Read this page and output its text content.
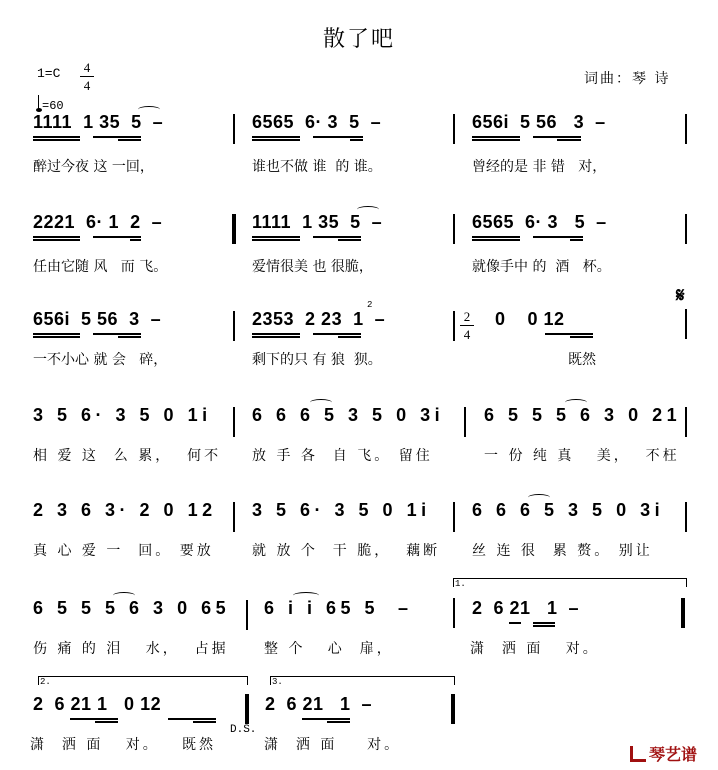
散了吧
1=C 4
4
=60
词曲：琴 诗
1111  1 35  5  –	6565  6· 3  5  –	656i  5 56   3  –
醉过今夜 这 一回，	谁也不做 谁  的 谁。	曾经的是 非 错   对，
2221  6· 1  2  –	1111  1 35  5  –	6565  6· 3   5  –
任由它随 风   而 飞。	爱情很美 也 很脆，	就像手中 的  酒   杯。
656i  5 56  3  –	2353  2 23  1  –
2
2
4
0    0 12
𝄋
一不小心 就 会   碎，	剩下的只 有 狼  狈。	既然
3 5 6· 3 5 0 1i 6 6 6 5 3 5 0 3i 6 5 5 5 6 3 0 21
相 爱 这  么 累，  何不 放 手 各  自 飞。 留住	一 份 纯 真   美，  不枉
2 3 6 3· 2 0 12 3 5 6· 3 5 0 1i 6 6 6 5 3 5 0 3i
真 心 爱 一  回。 要放	就 放 个  干 脆，  藕断 丝 连 很  累 赘。 别让
6 5 5 5 6 3 0 65 6 i i 65 5  –
1.
2  6 21   1  –
伤 痛 的 泪   水，  占据	整 个   心  扉，	潇  洒 面   对。
2.
2  6 21 1   0 12
D.S.
3.
2  6 21   1  –
潇  洒 面   对。   既然	潇  洒 面    对。	琴艺谱
